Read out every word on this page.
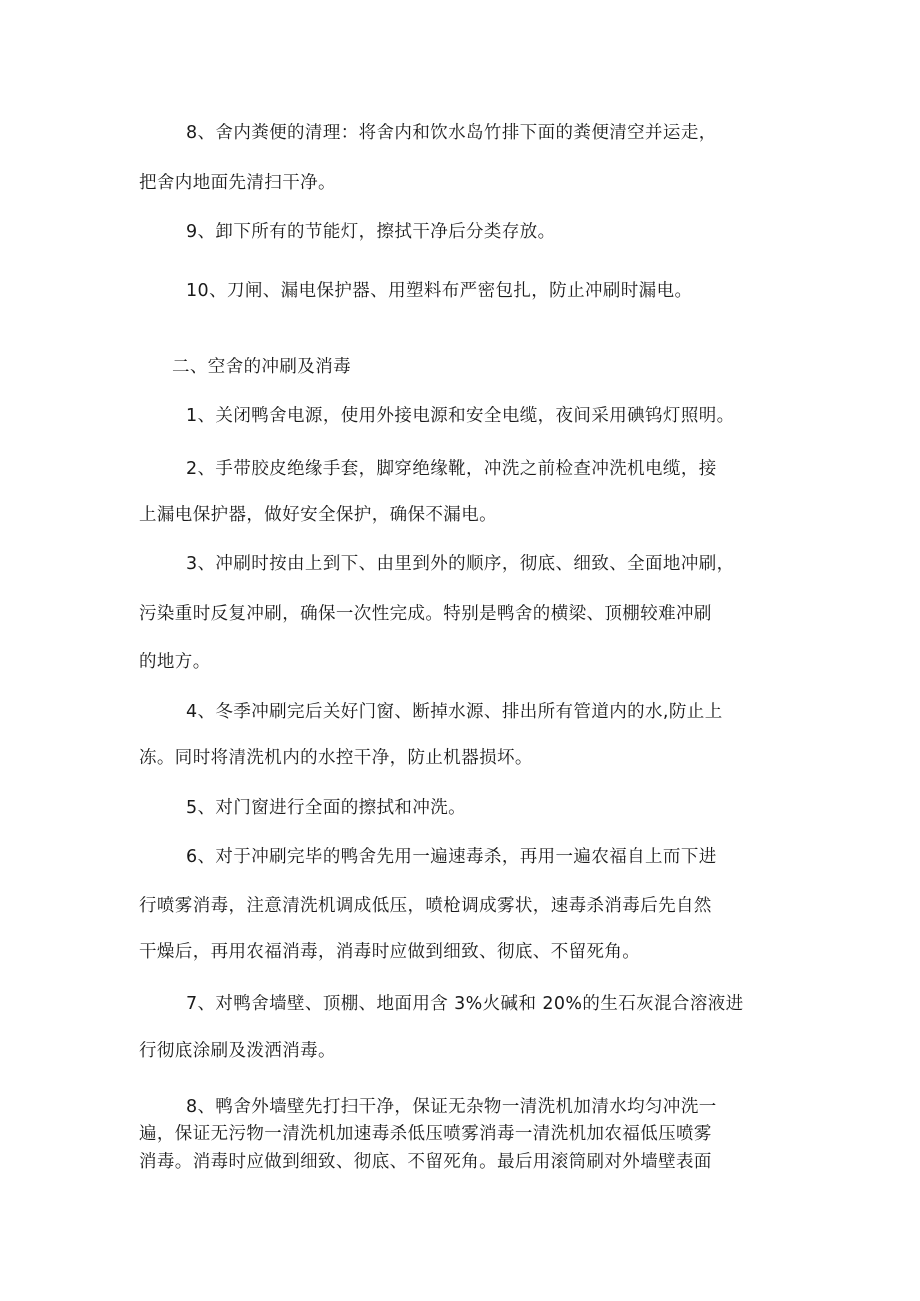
8、舍内粪便的清理：将舍内和饮水岛竹排下面的粪便清空并运走，
把舍内地面先清扫干净。
9、卸下所有的节能灯，擦拭干净后分类存放。
10、刀闸、漏电保护器、用塑料布严密包扎，防止冲刷时漏电。
二、空舍的冲刷及消毒
1、关闭鸭舍电源，使用外接电源和安全电缆，夜间采用碘钨灯照明。
2、手带胶皮绝缘手套，脚穿绝缘靴，冲洗之前检查冲洗机电缆，接
上漏电保护器，做好安全保护，确保不漏电。
3、冲刷时按由上到下、由里到外的顺序，彻底、细致、全面地冲刷，
污染重时反复冲刷，确保一次性完成。特别是鸭舍的横梁、顶棚较难冲刷
的地方。
4、冬季冲刷完后关好门窗、断掉水源、排出所有管道内的水,防止上
冻。同时将清洗机内的水控干净，防止机器损坏。
5、对门窗进行全面的擦拭和冲洗。
6、对于冲刷完毕的鸭舍先用一遍速毒杀，再用一遍农福自上而下进
行喷雾消毒，注意清洗机调成低压，喷枪调成雾状，速毒杀消毒后先自然
干燥后，再用农福消毒，消毒时应做到细致、彻底、不留死角。
7、对鸭舍墙壁、顶棚、地面用含 3%火碱和 20%的生石灰混合溶液进
行彻底涂刷及泼洒消毒。
8、鸭舍外墙壁先打扫干净，保证无杂物一清洗机加清水均匀冲洗一
遍，保证无污物一清洗机加速毒杀低压喷雾消毒一清洗机加农福低压喷雾
消毒。消毒时应做到细致、彻底、不留死角。最后用滚筒刷对外墙壁表面
